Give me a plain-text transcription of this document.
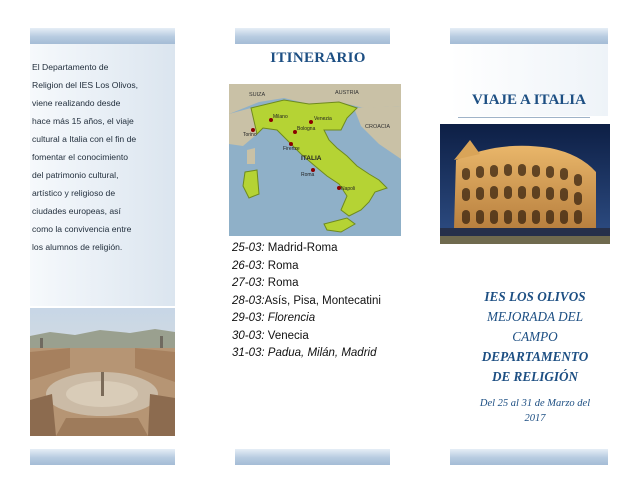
El Departamento de
Religion del IES Los Olivos,
viene realizando desde
hace más 15 años, el viaje
cultural a Italia con el fin de
fomentar el conocimiento
del patrimonio cultural,
artístico y religioso de
ciudades europeas, así
como la convivencia entre
los alumnos de religión.
ITINERARIO
SUIZA	AUSTRIA
CROACIA
ITALIA
Milano	Venezia
Torino
Bologna
Firenze
Roma
Napoli
25-03: Madrid-Roma
26-03: Roma
27-03: Roma
28-03:Asís, Pisa, Montecatini
29-03: Florencia
30-03: Venecia
31-03: Padua, Milán, Madrid
VIAJE A ITALIA
IES LOS OLIVOS
MEJORADA DEL
CAMPO
DEPARTAMENTO
DE RELIGIÓN
Del 25 al 31 de Marzo del
2017
